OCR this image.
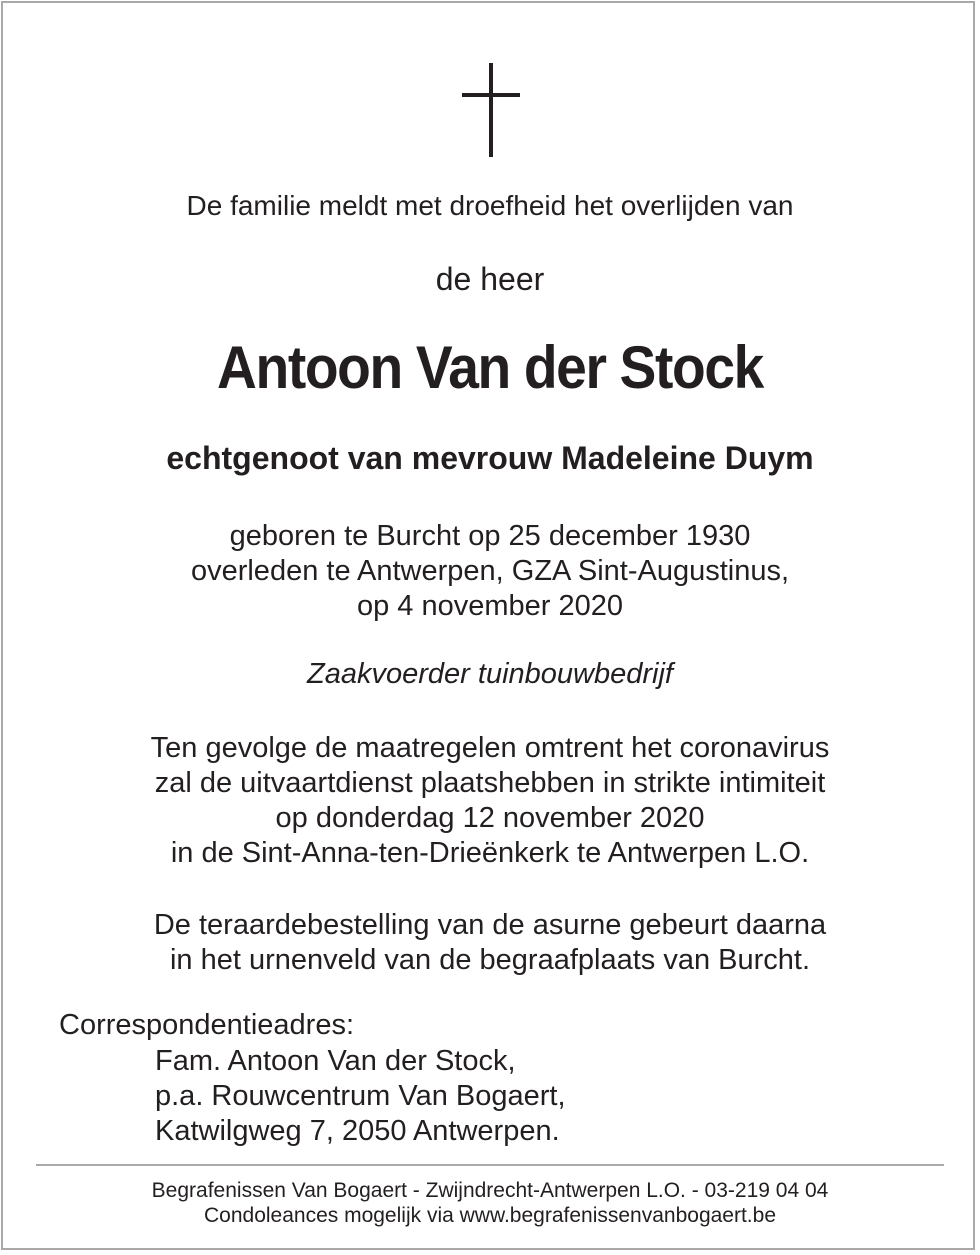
De familie meldt met droefheid het overlijden van
de heer
Antoon Van der Stock
echtgenoot van mevrouw Madeleine Duym
geboren te Burcht op 25 december 1930
overleden te Antwerpen, GZA Sint-Augustinus,
op 4 november 2020
Zaakvoerder tuinbouwbedrijf
Ten gevolge de maatregelen omtrent het coronavirus
zal de uitvaartdienst plaatshebben in strikte intimiteit
op donderdag 12 november 2020
in de Sint-Anna-ten-Drieënkerk te Antwerpen L.O.
De teraardebestelling van de asurne gebeurt daarna
in het urnenveld van de begraafplaats van Burcht.
Correspondentieadres:
Fam. Antoon Van der Stock,
p.a. Rouwcentrum Van Bogaert,
Katwilgweg 7, 2050 Antwerpen.
Begrafenissen Van Bogaert - Zwijndrecht-Antwerpen L.O. - 03-219 04 04
Condoleances mogelijk via www.begrafenissenvanbogaert.be
